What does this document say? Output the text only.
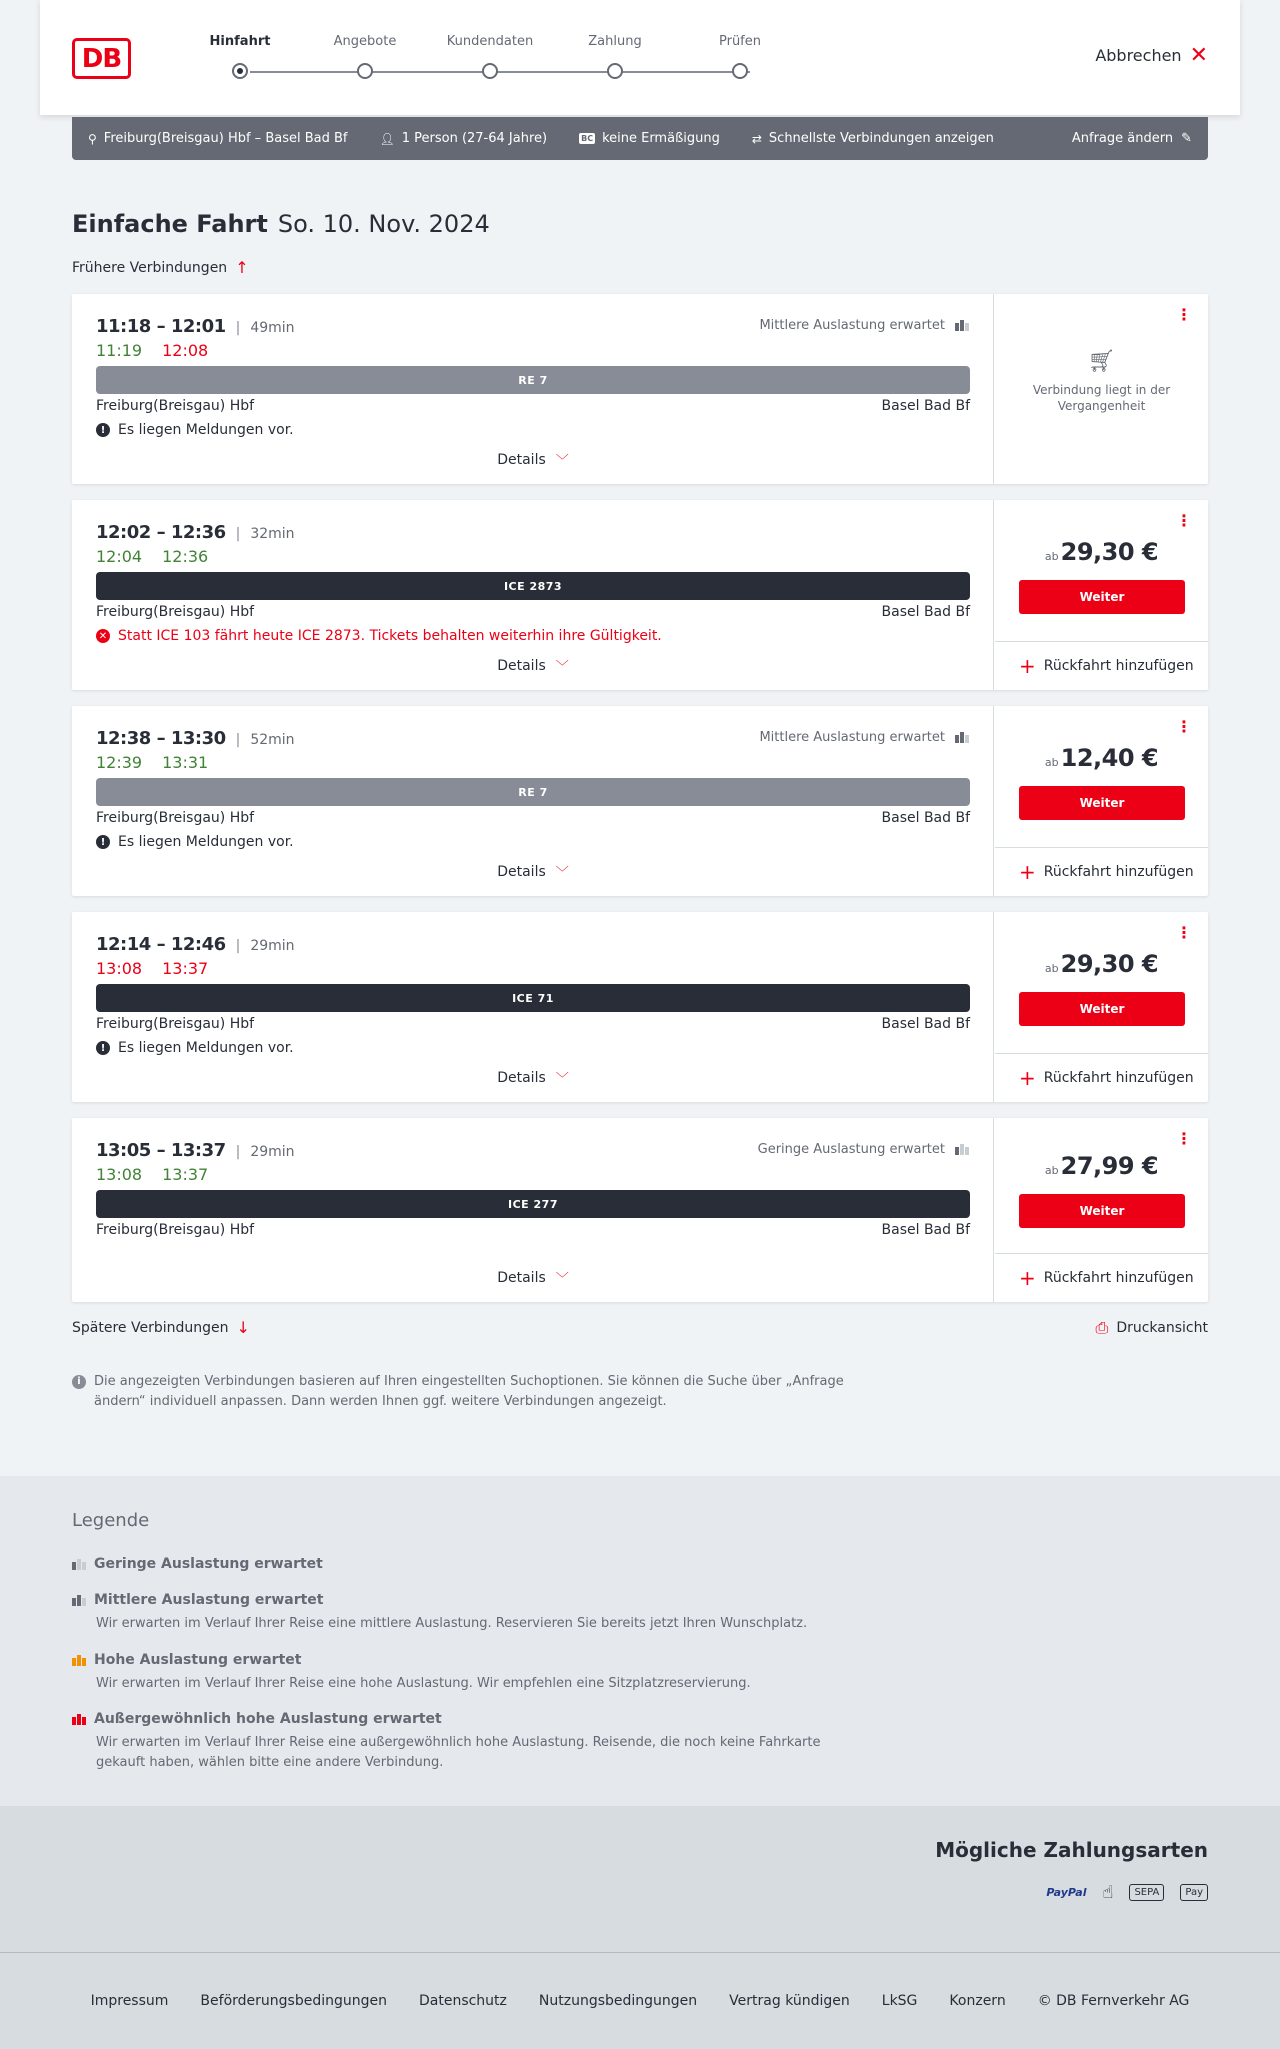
DB
Hinfahrt	Angebote	Kundendaten	Zahlung	Prüfen
Abbrechen ✕
⚲ Freiburg(Breisgau) Hbf – Basel Bad Bf	👤︎ 1 Person (27-64 Jahre)	BC keine Ermäßigung	⇄ Schnellste Verbindungen anzeigen	Anfrage ändern ✎
Einfache Fahrt So. 10. Nov. 2024
Frühere Verbindungen ↑
11:18 – 12:01 | 49min
11:19 12:08
Mittlere Auslastung erwartet
RE 7
Freiburg(Breisgau) Hbf	Basel Bad Bf
! Es liegen Meldungen vor.
Details ﹀
⋮
🛒︎
Verbindung liegt in der Vergangenheit
12:02 – 12:36 | 32min
12:04 12:36
ICE 2873
Freiburg(Breisgau) Hbf	Basel Bad Bf
✕ Statt ICE 103 fährt heute ICE 2873. Tickets behalten weiterhin ihre Gültigkeit.
Details ﹀
⋮
ab29,30 €
Weiter
+ Rückfahrt hinzufügen
12:38 – 13:30 | 52min
12:39 13:31
Mittlere Auslastung erwartet
RE 7
Freiburg(Breisgau) Hbf	Basel Bad Bf
! Es liegen Meldungen vor.
Details ﹀
⋮
ab12,40 €
Weiter
+ Rückfahrt hinzufügen
12:14 – 12:46 | 29min
13:08 13:37
ICE 71
Freiburg(Breisgau) Hbf	Basel Bad Bf
! Es liegen Meldungen vor.
Details ﹀
⋮
ab29,30 €
Weiter
+ Rückfahrt hinzufügen
13:05 – 13:37 | 29min
13:08 13:37
Geringe Auslastung erwartet
ICE 277
Freiburg(Breisgau) Hbf	Basel Bad Bf
Details ﹀
⋮
ab27,99 €
Weiter
+ Rückfahrt hinzufügen
Spätere Verbindungen ↓	⎙ Druckansicht
i	Die angezeigten Verbindungen basieren auf Ihren eingestellten Suchoptionen. Sie können die Suche über „Anfrage ändern“ individuell anpassen. Dann werden Ihnen ggf. weitere Verbindungen angezeigt.
Legende
Geringe Auslastung erwartet
Mittlere Auslastung erwartet
Wir erwarten im Verlauf Ihrer Reise eine mittlere Auslastung. Reservieren Sie bereits jetzt Ihren Wunschplatz.
Hohe Auslastung erwartet
Wir erwarten im Verlauf Ihrer Reise eine hohe Auslastung. Wir empfehlen eine Sitzplatzreservierung.
Außergewöhnlich hohe Auslastung erwartet
Wir erwarten im Verlauf Ihrer Reise eine außergewöhnlich hohe Auslastung. Reisende, die noch keine Fahrkarte gekauft haben, wählen bitte eine andere Verbindung.
Mögliche Zahlungsarten
PayPal ☝︎	SEPA	Pay
Impressum Beförderungsbedingungen Datenschutz Nutzungsbedingungen Vertrag kündigen LkSG Konzern © DB Fernverkehr AG
